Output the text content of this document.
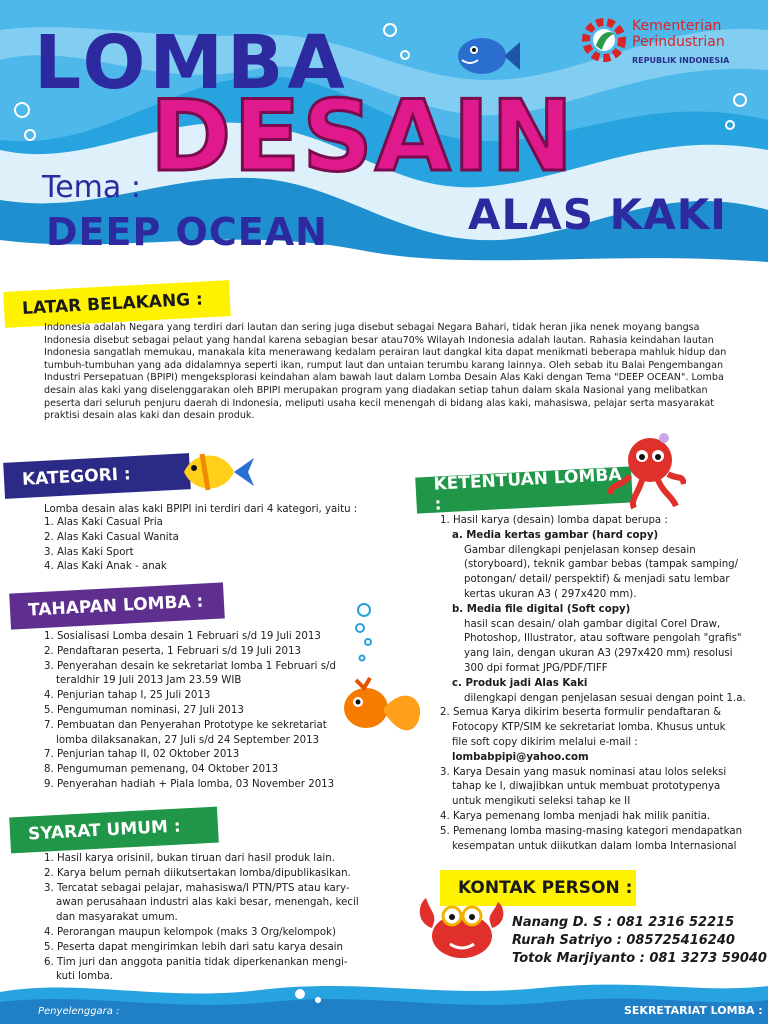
LOMBA
DESAIN
Tema :
DEEP OCEAN	ALAS KAKI
Kementerian
Perindustrian
REPUBLIK INDONESIA
LATAR BELAKANG :
Indonesia adalah Negara yang terdiri dari lautan dan sering juga disebut sebagai Negara Bahari, tidak heran jika nenek moyang bangsa Indonesia disebut sebagai pelaut yang handal karena sebagian besar atau70% Wilayah Indonesia adalah lautan. Rahasia keindahan lautan Indonesia sangatlah memukau, manakala kita menerawang kedalam perairan laut dangkal kita dapat menikmati beberapa mahluk hidup dan tumbuh-tumbuhan yang ada didalamnya seperti ikan, rumput laut dan untaian terumbu karang lainnya. Oleh sebab itu Balai Pengembangan Industri Persepatuan (BPIPI) mengeksplorasi keindahan alam bawah laut dalam Lomba Desain Alas Kaki dengan Tema "DEEP OCEAN". Lomba desain alas kaki yang diselenggarakan oleh BPIPI merupakan program yang diadakan setiap tahun dalam skala Nasional yang melibatkan peserta dari seluruh penjuru daerah di Indonesia, meliputi usaha kecil menengah di bidang alas kaki, mahasiswa, pelajar serta masyarakat praktisi desain alas kaki dan desain produk.
KATEGORI :
Lomba desain alas kaki BPIPI ini terdiri dari 4 kategori, yaitu :
1. Alas Kaki Casual Pria
2. Alas Kaki Casual Wanita
3. Alas Kaki Sport
4. Alas Kaki Anak - anak
TAHAPAN LOMBA :
1. Sosialisasi Lomba desain 1 Februari s/d 19 Juli 2013
2. Pendaftaran peserta, 1 Februari s/d 19 Juli 2013
3. Penyerahan desain ke sekretariat lomba 1 Februari s/d
teraldhir 19 Juli 2013 Jam 23.59 WIB
4. Penjurian tahap I, 25 Juli 2013
5. Pengumuman nominasi, 27 Juli 2013
7. Pembuatan dan Penyerahan Prototype ke sekretariat
lomba dilaksanakan, 27 Juli s/d 24 September 2013
7. Penjurian tahap II, 02 Oktober 2013
8. Pengumuman pemenang, 04 Oktober 2013
9. Penyerahan hadiah + Piala lomba, 03 November 2013
SYARAT UMUM :
1. Hasil karya orisinil, bukan tiruan dari hasil produk lain.
2. Karya belum pernah diikutsertakan lomba/dipublikasikan.
3. Tercatat sebagai pelajar, mahasiswa/I PTN/PTS atau kary-
awan perusahaan industri alas kaki besar, menengah, kecil
dan masyarakat umum.
4. Perorangan maupun kelompok (maks 3 Org/kelompok)
5. Peserta dapat mengirimkan lebih dari satu karya desain
6. Tim juri dan anggota panitia tidak diperkenankan mengi-
kuti lomba.
KETENTUAN LOMBA :
1. Hasil karya (desain) lomba dapat berupa :
a. Media kertas gambar (hard copy)
Gambar dilengkapi penjelasan konsep desain
(storyboard), teknik gambar bebas (tampak samping/
potongan/ detail/ perspektif) & menjadi satu lembar
kertas ukuran A3 ( 297x420 mm).
b. Media file digital (Soft copy)
hasil scan desain/ olah gambar digital Corel Draw,
Photoshop, Illustrator, atau software pengolah "grafis"
yang lain, dengan ukuran A3 (297x420 mm) resolusi
300 dpi format JPG/PDF/TIFF
c. Produk jadi Alas Kaki
dilengkapi dengan penjelasan sesuai dengan point 1.a.
2. Semua Karya dikirim beserta formulir pendaftaran &
Fotocopy KTP/SIM ke sekretariat lomba. Khusus untuk
file soft copy dikirim melalui e-mail :
lombabpipi@yahoo.com
3. Karya Desain yang masuk nominasi atau lolos seleksi
tahap ke I, diwajibkan untuk membuat prototypenya
untuk mengikuti seleksi tahap ke II
4. Karya pemenang lomba menjadi hak milik panitia.
5. Pemenang lomba masing-masing kategori mendapatkan
kesempatan untuk diikutkan dalam lomba Internasional
KONTAK PERSON :
Nanang D. S : 081 2316 52215
Rurah Satriyo : 085725416240
Totok Marjiyanto : 081 3273 59040
Penyelenggara :	SEKRETARIAT LOMBA :
